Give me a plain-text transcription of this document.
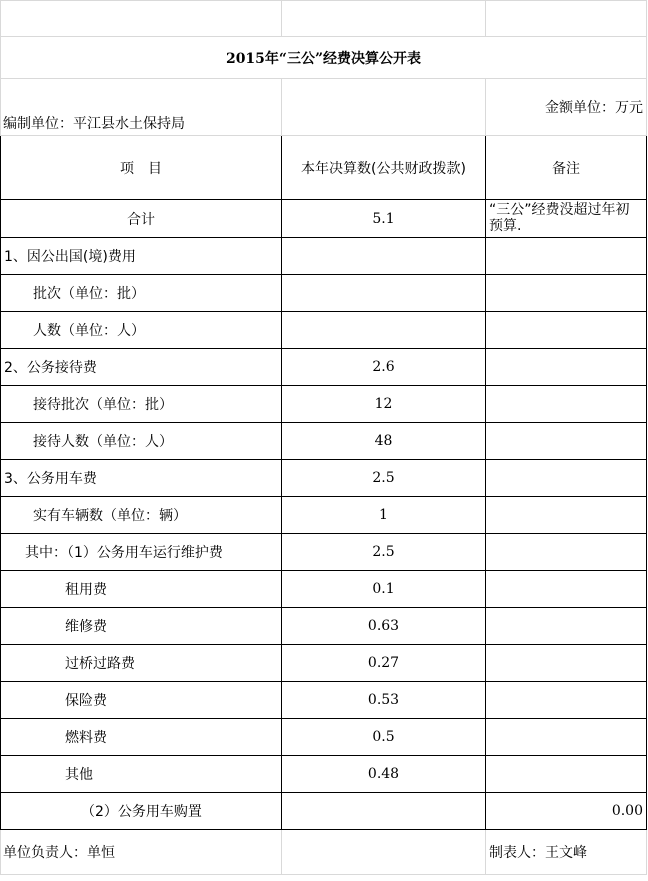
2015年“三公”经费决算公开表		
编制单位：平江县水土保持局		金额单位：万元
项　目	本年决算数(公共财政拨款)	备注
合计	5.1	“三公”经费没超过年初预算.
1、因公出国(境)费用		
批次（单位：批）		
人数（单位：人）		
2、公务接待费	2.6	
接待批次（单位：批）	12	
接待人数（单位：人）	48	
3、公务用车费	2.5	
实有车辆数（单位：辆）	1	
其中：（1）公务用车运行维护费	2.5	
租用费	0.1	
维修费	0.63	
过桥过路费	0.27	
保险费	0.53	
燃料费	0.5	
其他	0.48	
（2）公务用车购置		0.00
单位负责人：单恒		制表人：王文峰
